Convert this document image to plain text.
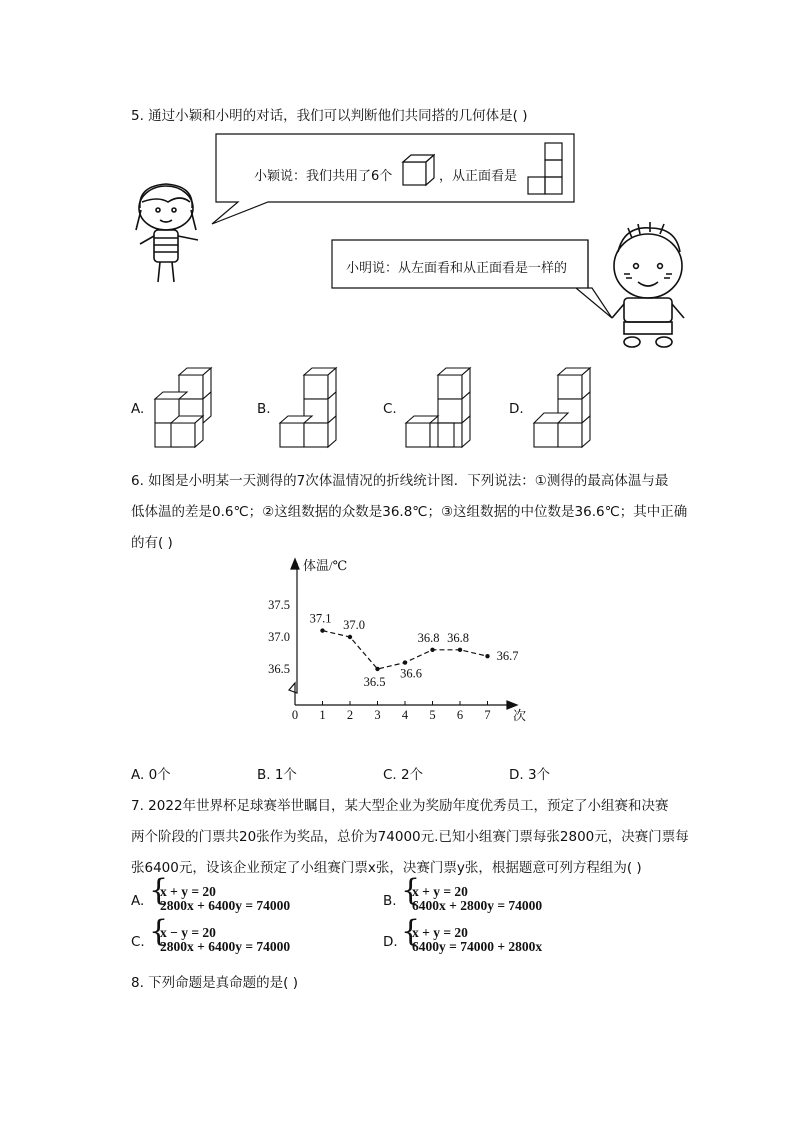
5. 通过小颖和小明的对话，我们可以判断他们共同搭的几何体是( )
小颖说：我们共用了6个	，从正面看是
小明说：从左面看和从正面看是一样的
A.	B.	C.	D.
6. 如图是小明某一天测得的7次体温情况的折线统计图．下列说法：①测得的最高体温与最
低体温的差是0.6℃；②这组数据的众数是36.8℃；③这组数据的中位数是36.6℃；其中正确
的有( )
体温/℃
次
0 1 2 3 4 5 6 7
37.5
37.0
36.5
37.1 37.0
36.5
36.6
36.8 36.8
36.7
A. 0个	B. 1个	C. 2个	D. 3个
7. 2022年世界杯足球赛举世瞩目，某大型企业为奖励年度优秀员工，预定了小组赛和决赛
两个阶段的门票共20张作为奖品，总价为74000元.已知小组赛门票每张2800元，决赛门票每
张6400元，设该企业预定了小组赛门票x张，决赛门票y张，根据题意可列方程组为( )
A. {
x + y = 20
2800x + 6400y = 74000	B. {
x + y = 20
6400x + 2800y = 74000
C. {
x − y = 20
2800x + 6400y = 74000	D. {
x + y = 20
6400y = 74000 + 2800x
8. 下列命题是真命题的是( )
